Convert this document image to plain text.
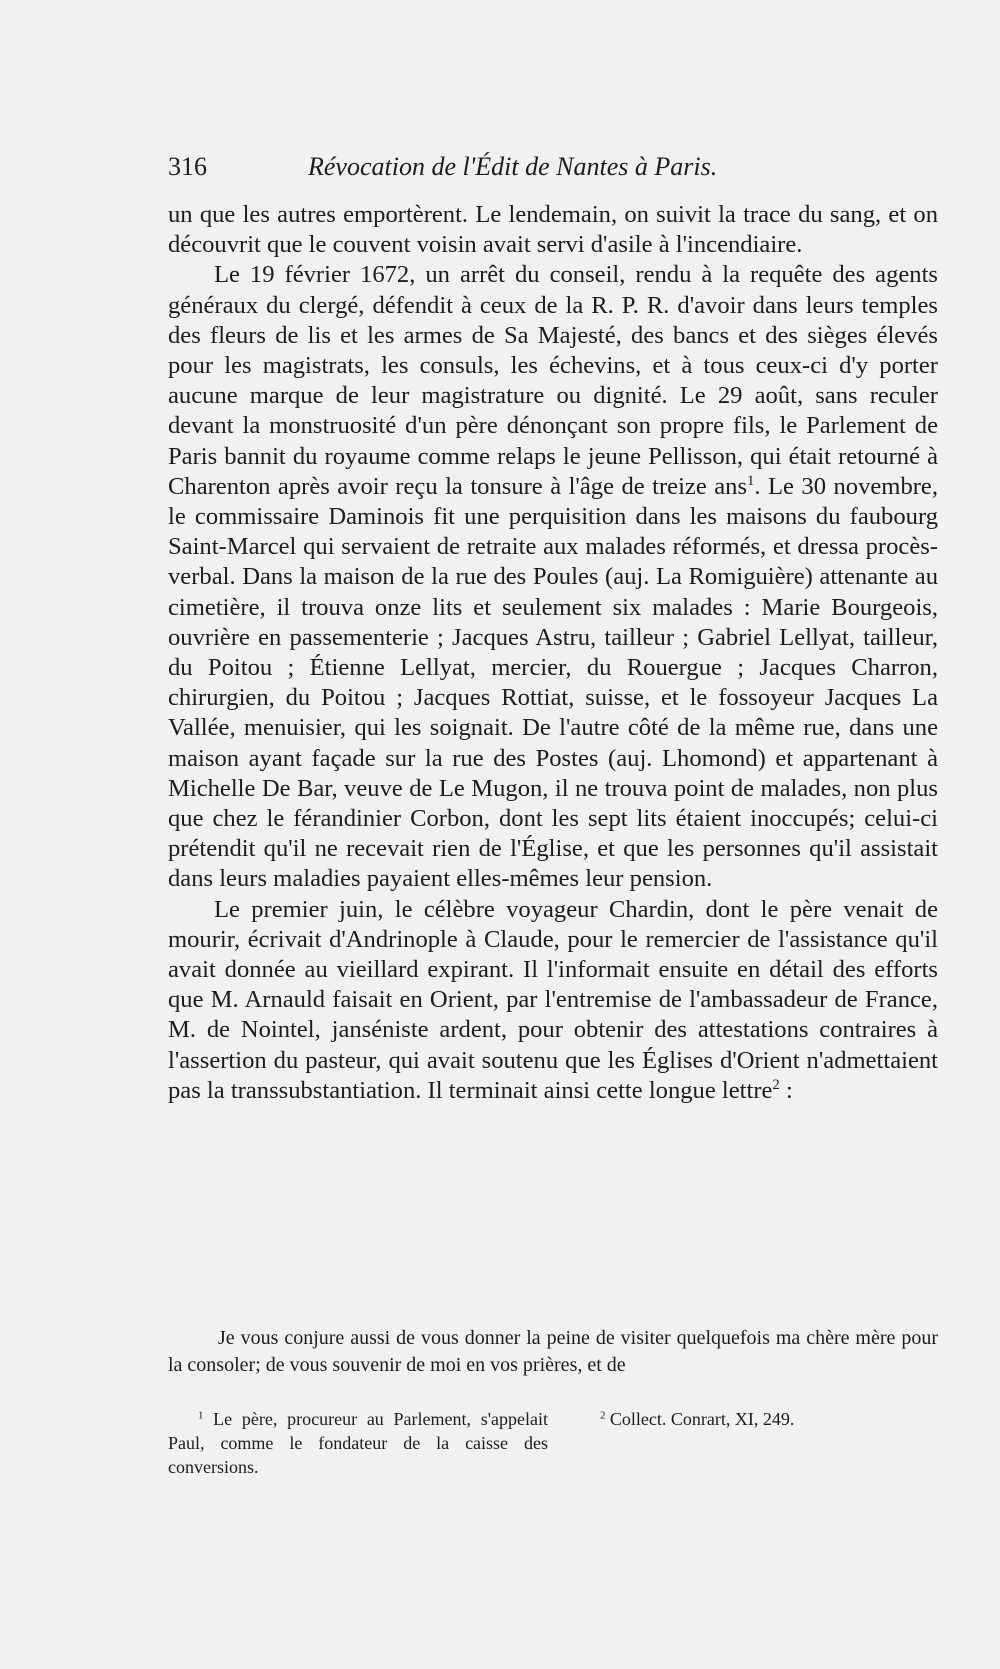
316	Révocation de l'Édit de Nantes à Paris.

un que les autres emportèrent. Le lendemain, on suivit la trace du sang, et on découvrit que le couvent voisin avait servi d'asile à l'incendiaire.

Le 19 février 1672, un arrêt du conseil, rendu à la requête des agents généraux du clergé, défendit à ceux de la R. P. R. d'avoir dans leurs temples des fleurs de lis et les armes de Sa Majesté, des bancs et des sièges élevés pour les magistrats, les consuls, les échevins, et à tous ceux-ci d'y porter aucune marque de leur magistrature ou dignité. Le 29 août, sans reculer devant la monstruosité d'un père dénonçant son propre fils, le Parlement de Paris bannit du royaume comme relaps le jeune Pellisson, qui était retourné à Charenton après avoir reçu la tonsure à l'âge de treize ans$^1$. Le 30 novembre, le commissaire Daminois fit une perquisition dans les maisons du faubourg Saint-Marcel qui servaient de retraite aux malades réformés, et dressa procès-verbal. Dans la maison de la rue des Poules (auj. La Romiguière) attenante au cimetière, il trouva onze lits et seulement six malades : Marie Bourgeois, ouvrière en passementerie ; Jacques Astru, tailleur ; Gabriel Lellyat, tailleur, du Poitou ; Étienne Lellyat, mercier, du Rouergue ; Jacques Charron, chirurgien, du Poitou ; Jacques Rottiat, suisse, et le fossoyeur Jacques La Vallée, menuisier, qui les soignait. De l'autre côté de la même rue, dans une maison ayant façade sur la rue des Postes (auj. Lhomond) et appartenant à Michelle De Bar, veuve de Le Mugon, il ne trouva point de malades, non plus que chez le férandinier Corbon, dont les sept lits étaient inoccupés; celui-ci prétendit qu'il ne recevait rien de l'Église, et que les personnes qu'il assistait dans leurs maladies payaient elles-mêmes leur pension.

Le premier juin, le célèbre voyageur Chardin, dont le père venait de mourir, écrivait d'Andrinople à Claude, pour le remercier de l'assistance qu'il avait donnée au vieillard expirant. Il l'informait ensuite en détail des efforts que M. Arnauld faisait en Orient, par l'entremise de l'ambassadeur de France, M. de Nointel, janséniste ardent, pour obtenir des attestations contraires à l'assertion du pasteur, qui avait soutenu que les Églises d'Orient n'admettaient pas la transsubstantiation. Il terminait ainsi cette longue lettre$^2$ :

Je vous conjure aussi de vous donner la peine de visiter quelquefois ma chère mère pour la consoler; de vous souvenir de moi en vos prières, et de

$^1$ Le père, procureur au Parlement, s'appelait Paul, comme le fondateur de la caisse des conversions.
$^2$ Collect. Conrart, XI, 249.
